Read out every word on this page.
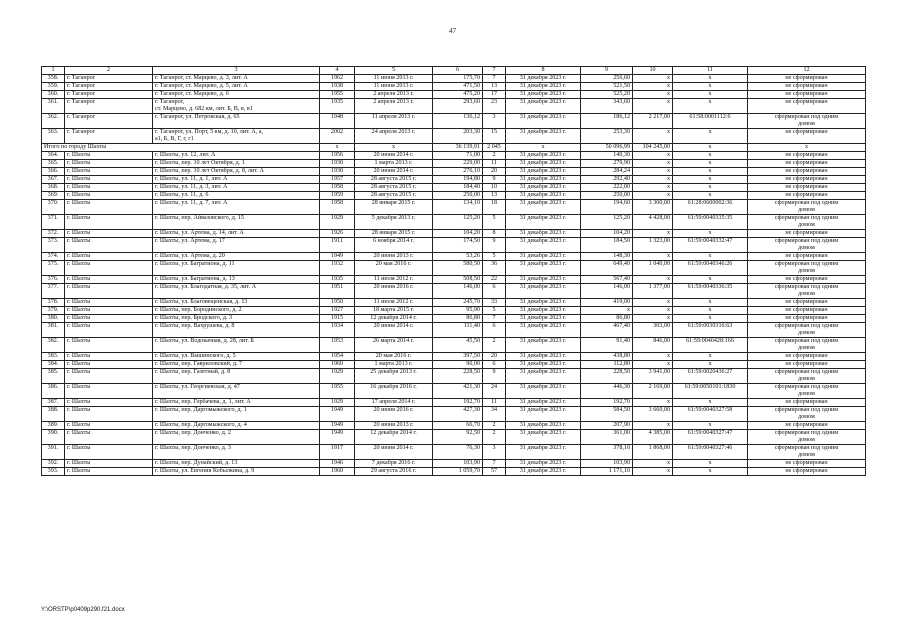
47
1	2	3	4	5	6	7	8	9	10	11	12
358.	г. Таганрог	г. Таганрог, ст. Марцево, д. 3, лит. А	1962	11 июня 2013 г.	175,70	7	31 декабря 2023 г.	256,60	x	x	не сформирован
359.	г. Таганрог	г. Таганрог, ст. Марцево, д. 5, лит. А	1938	11 июня 2013 г.	471,50	13	31 декабря 2023 г.	521,50	x	x	не сформирован
360.	г. Таганрог	г. Таганрог, ст. Марцево, д. 6	1955	2 апреля 2013 г.	475,20	17	31 декабря 2023 г.	525,20	x	x	не сформирован
361.	г. Таганрог	г. Таганрог,
ст. Марцево, д. 682 км, лит. Б, В, в, в1	1935	2 апреля 2013 г.	293,60	23	31 декабря 2023 г.	343,60	x	x	не сформирован
362.	г. Таганрог	г. Таганрог, ул. Петровская, д. 65	1948	11 апреля 2013 г.	136,12	3	31 декабря 2023 г.	186,12	2 217,00	61:58:0001112:6	сформирован под одним
домом
363.	г. Таганрог	г. Таганрог, ул. Порт, 5 км, д. 10, лит. А, а,
а1, Б, В, Г, г, г1	2002	24 апреля 2013 г.	203,30	15	31 декабря 2023 г.	253,30	x	x	не сформирован
Итого по городу Шахты			x	x	36 139,91	2 045	x	50 096,99	104 245,00	x	x
364.	г. Шахты	г. Шахты, ул. 12, лит. А	1956	20 июня 2014 г.	71,00	2	31 декабря 2023 г.	140,30	x	x	не сформирован
365.	г. Шахты	г. Шахты, пер. 10 лет Октября, д. 1	1930	1 марта 2013 г.	229,00	11	31 декабря 2023 г.	279,90	x	x	не сформирован
366.	г. Шахты	г. Шахты, пер. 10 лет Октября, д. 8, лит. А	1930	20 июня 2014 г.	276,10	20	31 декабря 2023 г.	284,24	x	x	не сформирован
367.	г. Шахты	г. Шахты, ул. 11, д. 1, лит. А	1957	28 августа 2015 г.	194,80	9	31 декабря 2023 г.	292,40	x	x	не сформирован
368.	г. Шахты	г. Шахты, ул. 11, д. 3, лит. А	1958	28 августа 2015 г.	184,40	10	31 декабря 2023 г.	222,00	x	x	не сформирован
369.	г. Шахты	г. Шахты, ул. 11, д. 6	1959	28 августа 2015 г.	250,00	13	31 декабря 2023 г.	250,00	x	x	не сформирован
370.	г. Шахты	г. Шахты, ул. 11, д. 7, лит. А	1958	28 января 2015 г.	134,10	18	31 декабря 2023 г.	194,60	3 300,00	61:28:0600002:36	сформирован под одним
домом
371.	г. Шахты	г. Шахты, пер. Айвазовского, д. 15	1929	5 декабря 2013 г.	125,20	5	31 декабря 2023 г.	125,20	4 428,00	61:59:0040335:35	сформирован под одним
домом
372.	г. Шахты	г. Шахты, ул. Артема, д. 14, лит. А	1926	28 января 2015 г.	104,20	8	31 декабря 2023 г.	104,20	x	x	не сформирован
373.	г. Шахты	г. Шахты, ул. Артема, д. 17	1911	6 ноября 2014 г.	174,50	9	31 декабря 2023 г.	184,50	1 323,00	61:59:0040332:47	сформирован под одним
домом
374.	г. Шахты	г. Шахты, ул. Артема, д. 20	1949	20 июня 2013 г.	53,26	5	31 декабря 2023 г.	148,30	x	x	не сформирован
375.	г. Шахты	г. Шахты, ул. Багратиона, д. 11	1932	20 мая 2016 г.	580,50	36	31 декабря 2023 г.	649,40	1 040,00	61:59:0040346:26	сформирован под одним
домом
376.	г. Шахты	г. Шахты, ул. Багратиона, д. 13	1935	11 июля 2012 г.	508,50	22	31 декабря 2023 г.	567,40	x	x	не сформирован
377.	г. Шахты	г. Шахты, ул. Благодатная, д. 35, лит. А	1951	20 июня 2016 г.	146,00	6	31 декабря 2023 г.	146,00	1 377,00	61:59:0040336:35	сформирован под одним
домом
378.	г. Шахты	г. Шахты, ул. Благовещенская, д. 13	1950	11 июля 2012 г.	245,70	33	31 декабря 2023 г.	419,00	x	x	не сформирован
379.	г. Шахты	г. Шахты, пер. Бородинского, д. 2	1927	18 марта 2015 г.	95,90	5	31 декабря 2023 г.	x	x	x	не сформирован
380.	г. Шахты	г. Шахты, пер. Бродского, д. 3	1915	12 декабря 2014 г.	86,80	7	31 декабря 2023 г.	86,80	x	x	не сформирован
381.	г. Шахты	г. Шахты, пер. Вахрушева, д. 8	1934	20 июня 2014 г.	111,40	6	31 декабря 2023 г.	467,40	303,00	61:59:0030316:63	сформирован под одним
домом
382.	г. Шахты	г. Шахты, ул. Водокачная, д. 28, лит. Б	1953	26 марта 2014 г.	45,50	2	31 декабря 2023 г.	91,40	846,00	61:59:0040428:166	сформирован под одним
домом
383.	г. Шахты	г. Шахты, ул. Вышинского, д. 5	1954	20 мая 2016 г.	397,50	20	31 декабря 2023 г.	438,80	x	x	не сформирован
384.	г. Шахты	г. Шахты, пер. Гавриловский, д. 7	1960	1 марта 2013 г.	90,00	6	31 декабря 2023 г.	112,80	x	x	не сформирован
385.	г. Шахты	г. Шахты, пер. Газетный, д. 8	1929	25 декабря 2013 г.	228,50	9	31 декабря 2023 г.	228,50	3 941,00	61:59:0020436:27	сформирован под одним
домом
386.	г. Шахты	г. Шахты, ул. Георгиевская, д. 47	1955	16 декабря 2016 г.	421,30	24	31 декабря 2023 г.	446,30	2 169,00	61:59:0050101:1830	сформирован под одним
домом
387.	г. Шахты	г. Шахты, пер. Горбачева, д. 1, лит. А	1929	17 апреля 2014 г.	192,70	11	31 декабря 2023 г.	192,70	x	x	не сформирован
388.	г. Шахты	г. Шахты, пер. Даргомыжского, д. 1	1949	20 июня 2016 г.	427,30	34	31 декабря 2023 г.	584,50	3 660,00	61:59:0040327:58	сформирован под одним
домом
389.	г. Шахты	г. Шахты, пер. Даргомыжского, д. 4	1949	20 июня 2013 г.	66,70	2	31 декабря 2023 г.	207,90	x	x	не сформирован
390.	г. Шахты	г. Шахты, пер. Донченко, д. 2	1949	12 декабря 2014 г.	92,50	2	31 декабря 2023 г.	361,00	4 385,00	61:59:0040327:47	сформирован под одним
домом
391.	г. Шахты	г. Шахты, пер. Донченко, д. 3	1917	20 июня 2014 г.	76,30	3	31 декабря 2023 г.	378,10	1 868,00	61:59:0040327:46	сформирован под одним
домом
392.	г. Шахты	г. Шахты, пер. Дунайский, д. 13	1946	7 декабря 2016 г.	103,90	7	31 декабря 2023 г.	103,90	x	x	не сформирован
393.	г. Шахты	г. Шахты, ул. Евгения Кобылкина, д. 9	1960	29 августа 2016 г.	1 059,70	57	31 декабря 2023 г.	1 171,10	x	x	не сформирован
Y:\ORSTP\p0409p290.f21.docx
